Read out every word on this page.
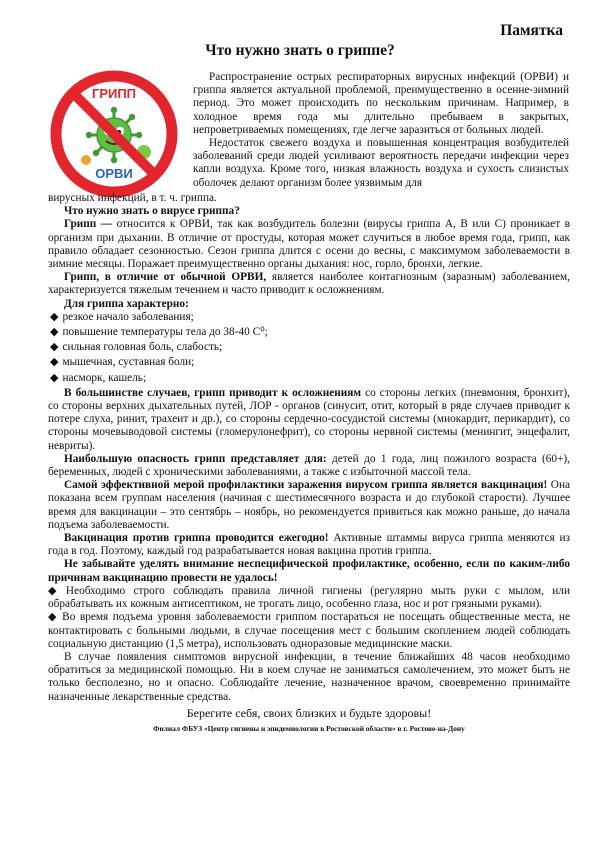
Памятка
Что нужно знать о гриппе?
ГРИПП
ОРВИ

Распространение острых респираторных вирусных инфекций (ОРВИ) и гриппа является актуальной проблемой, преимущественно в осенне-зимний период. Это может происходить по нескольким причинам. Например, в холодное время года мы длительно пребываем в закрытых, непроветриваемых помещениях, где легче заразиться от больных людей.

Недостаток свежего воздуха и повышенная концентрация возбудителей заболеваний среди людей усиливают вероятность передачи инфекции через капли воздуха. Кроме того, низкая влажность воздуха и сухость слизистых оболочек делают организм более уязвимым для

вирусных инфекций, в т. ч. гриппа.

Что нужно знать о вирусе гриппа?

Грипп — относится к ОРВИ, так как возбудитель болезни (вирусы гриппа А, В или С) проникает в организм при дыхании. В отличие от простуды, которая может случиться в любое время года, грипп, как правило обладает сезонностью. Сезон гриппа длится с осени до весны, с максимумом заболеваемости в зимние месяцы. Поражает преимущественно органы дыхания: нос, горло, бронхи, легкие.

Грипп, в отличие от обычной ОРВИ, является наиболее контагиозным (заразным) заболеванием, характеризуется тяжелым течением и часто приводит к осложнениям.

Для гриппа характерно:

◆ резкое начало заболевания;
◆ повышение температуры тела до 38-40 С⁰;
◆ сильная головная боль, слабость;
◆ мышечная, суставная боли;
◆ насморк, кашель;

В большинстве случаев, грипп приводит к осложнениям со стороны легких (пневмония, бронхит), со стороны верхних дыхательных путей, ЛОР - органов (синусит, отит, который в ряде случаев приводит к потере слуха, ринит, трахеит и др.), со стороны сердечно-сосудистой системы (миокардит, перикардит), со стороны мочевыводовой системы (гломерулонефрит), со стороны нервной системы (менингит, энцефалит, невриты).

Наибольшую опасность грипп представляет для: детей до 1 года, лиц пожилого возраста (60+), беременных, людей с хроническими заболеваниями, а также с избыточной массой тела.

Самой эффективной мерой профилактики заражения вирусом гриппа является вакцинация! Она показана всем группам населения (начиная с шестимесячного возраста и до глубокой старости). Лучшее время для вакцинации – это сентябрь – ноябрь, но рекомендуется привиться как можно раньше, до начала подъема заболеваемости.

Вакцинация против гриппа проводится ежегодно! Активные штаммы вируса гриппа меняются из года в год. Поэтому, каждый год разрабатывается новая вакцина против гриппа.

Не забывайте уделять внимание неспецифической профилактике, особенно, если по каким-либо причинам вакцинацию провести не удалось!

◆ Необходимо строго соблюдать правила личной гигиены (регулярно мыть руки с мылом, или обрабатывать их кожным антисептиком, не трогать лицо, особенно глаза, нос и рот грязными руками).

◆ Во время подъема уровня заболеваемости гриппом постараться не посещать общественные места, не контактировать с больными людьми, в случае посещения мест с большим скоплением людей соблюдать социальную дистанцию (1,5 метра), использовать одноразовые медицинские маски.

В случае появления симптомов вирусной инфекции, в течение ближайших 48 часов необходимо обратиться за медицинской помощью. Ни в коем случае не заниматься самолечением, это может быть не только бесполезно, но и опасно. Соблюдайте лечение, назначенное врачом, своевременно принимайте назначенные лекарственные средства.

Берегите себя, своих близких и будьте здоровы!

Филиал ФБУЗ «Центр гигиены и эпидемиологии в Ростовской области» в г. Ростове-на-Дону
